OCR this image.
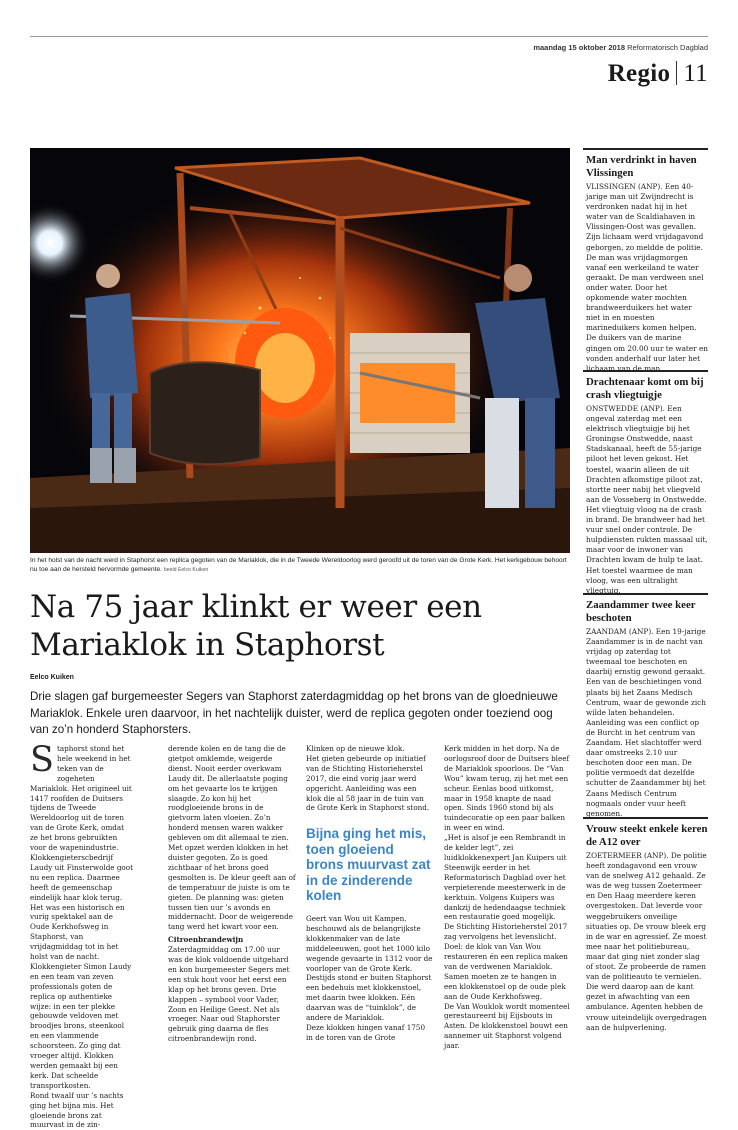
maandag 15 oktober 2018 Reformatorisch Dagblad
Regio 11
In het holst van de nacht werd in Staphorst een replica gegoten van de Mariaklok, die in de Tweede Wereldoorlog werd geroofd uit de toren van de Grote Kerk. Het kerkgebouw behoort nu toe aan de hersteld hervormde gemeente. beeld Eelco Kuiken
Na 75 jaar klinkt er weer een Mariaklok in Staphorst
Eelco Kuiken
Drie slagen gaf burgemeester Segers van Staphorst zaterdagmiddag op het brons van de gloednieuwe Mariaklok. Enkele uren daarvoor, in het nachtelijk duister, werd de replica gegoten onder toeziend oog van zo’n honderd Staphorsters.
Staphorst stond het hele weekend in het teken van de zogeheten Mariaklok. Het origineel uit 1417 roofden de Duitsers tijdens de Tweede Wereldoorlog uit de toren van de Grote Kerk, omdat ze het brons gebruikten voor de wapenindustrie. Klokkengieterscbedrijf Laudy uit Finsterwolde goot nu een replica. Daarmee heeft de gemeenschap eindelijk haar klok terug.
Het was een historisch en vurig spektakel aan de Oude Kerkhofsweg in Staphorst, van vrijdagmiddag tot in het holst van de nacht. Klokkengieter Simon Laudy en een team van zeven professionals goten de replica op authentieke wijze: in een ter plekke gebouwde veldoven met broodjes brons, steenkool en een vlammende schoorsteen. Zo ging dat vroeger altijd. Klokken werden gemaakt bij een kerk. Dat scheelde transportkosten.
Rond twaalf uur ’s nachts ging het bijna mis. Het gloeiende brons zat muurvast in de zin-
derende kolen en de tang die de gietpot omklemde, weigerde dienst. Nooit eerder overkwam Laudy dit. De allerlaatste poging om het gevaarte los te krijgen slaagde. Zo kon hij het roodgloeiende brons in de gietvorm laten vloeien. Zo’n honderd mensen waren wakker gebleven om dit allemaal te zien.
Met opzet werden klokken in het duister gegoten. Zo is goed zichtbaar of het brons goed gesmolten is. De kleur geeft aan of de temperatuur de juiste is om te gieten. De planning was: gieten tussen tien uur ’s avonds en middernacht. Door de weigerende tang werd het kwart voor een.
Citroenbrandewijn
Zaterdagmiddag om 17.00 uur was de klok voldoende uitgehard en kon burgemeester Segers met een stuk hout voor het eerst een klap op het brons geven. Drie klappen – symbool voor Vader, Zoon en Heilige Geest. Net als vroeger. Naar oud Staphorster gebruik ging daarna de fles citroenbrandewijn rond.
Klinken op de nieuwe klok.
Het gieten gebeurde op initiatief van de Stichting Historieherstel 2017, die eind vorig jaar werd opgericht. Aanleiding was een klok die al 58 jaar in de tuin van de Grote Kerk in Staphorst stond.
Bijna ging het mis, toen gloeiend brons muurvast zat in de zinderende kolen
Geert van Wou uit Kampen, beschouwd als de belangrijkste klokkenmaker van de late middeleeuwen, goot het 1000 kilo wegende gevaarte in 1312 voor de voorloper van de Grote Kerk. Destijds stond er buiten Staphorst een bedehuis met klokkenstoel, met daarin twee klokken. Eén daarvan was de “tuinklok”, de andere de Mariaklok.
Deze klokken hingen vanaf 1750 in de toren van de Grote
Kerk midden in het dorp. Na de oorlogsroof door de Duitsers bleef de Mariaklok spoorloos. De “Van Wou” kwam terug, zij het met een scheur. Eenlas bood uitkomst, maar in 1958 knapte de naad open. Sinds 1960 stond bij als tuindecoratie op een paar balken in weer en wind.
„Het is alsof je een Rembrandt in de kelder legt”, zei luidklokkenexpert Jan Kuipers uit Steenwijk eerder in het Reformatorisch Dagblad over het verpieterende meesterwerk in de kerktuin. Volgens Kuipers was dankzij de hedendaagse techniek een restauratie goed mogelijk.
De Stichting Historieherstel 2017 zag vervolgens het levenslicht. Doel: de klok van Van Wou restaureren én een replica maken van de verdwenen Mariaklok. Samen moeten ze te hangen in een klokkenstoel op de oude plek aan de Oude Kerkhofsweg.
De Van Wouklok wordt momenteel gerestaureerd bij Eijsbouts in Asten. De klokkenstoel bouwt een aannemer uit Staphorst volgend jaar.
Man verdrinkt in haven Vlissingen

VLISSINGEN (ANP). Een 40-jarige man uit Zwijndrecht is verdronken nadat hij in het water van de Scaldiahaven in Vlissingen-Oost was gevallen. Zijn lichaam werd vrijdagavond geborgen, zo meldde de politie. De man was vrijdagmorgen vanaf een werkeiland te water geraakt. De man verdween snel onder water. Door het opkomende water mochten brandweerduikers het water niet in en moesten marineduikers komen helpen. De duikers van de marine gingen om 20.00 uur te water en vonden anderhalf uur later het lichaam van de man.

Drachtenaar komt om bij crash vliegtuigje

ONSTWEDDE (ANP). Een ongeval zaterdag met een elektrisch vliegtuigje bij het Groningse Onstwedde, naast Stadskanaal, heeft de 55-jarige piloot het leven gekost. Het toestel, waarin alleen de uit Drachten afkomstige piloot zat, stortte neer nabij het vliegveld aan de Vosseberg in Onstwedde. Het vliegtuig vloog na de crash in brand. De brandweer had het vuur snel onder controle. De hulpdiensten rukten massaal uit, maar voor de inwoner van Drachten kwam de hulp te laat. Het toestel waarmee de man vloog, was een ultralight vliegtuig.

Zaandammer twee keer beschoten

ZAANDAM (ANP). Een 19-jarige Zaandammer is in de nacht van vrijdag op zaterdag tot tweemaal toe beschoten en daarbij ernstig gewond geraakt. Een van de beschietingen vond plaats bij het Zaans Medisch Centrum, waar de gewonde zich wilde laten behandelen. Aanleiding was een conflict op de Burcht in het centrum van Zaandam. Het slachtoffer werd daar omstreeks 2.10 uur beschoten door een man. De politie vermoedt dat dezelfde schutter de Zaandammer bij het Zaans Medisch Centrum nogmaals onder vuur heeft genomen.

Vrouw steekt enkele keren de A12 over

ZOETERMEER (ANP). De politie heeft zondagavond een vrouw van de snelweg A12 gehaald. Ze was de weg tussen Zoetermeer en Den Haag meerdere keren overgestoken. Dat leverde voor weggebruikers onveilige situaties op. De vrouw bleek erg in de war en agressief. Ze moest mee naar het politiebureau, maar dat ging niet zonder slag of stoot. Ze probeerde de ramen van de politieauto te vernielen. Die werd daarop aan de kant gezet in afwachting van een ambulance. Agenten hebben de vrouw uiteindelijk overgedragen aan de hulpverlening.
